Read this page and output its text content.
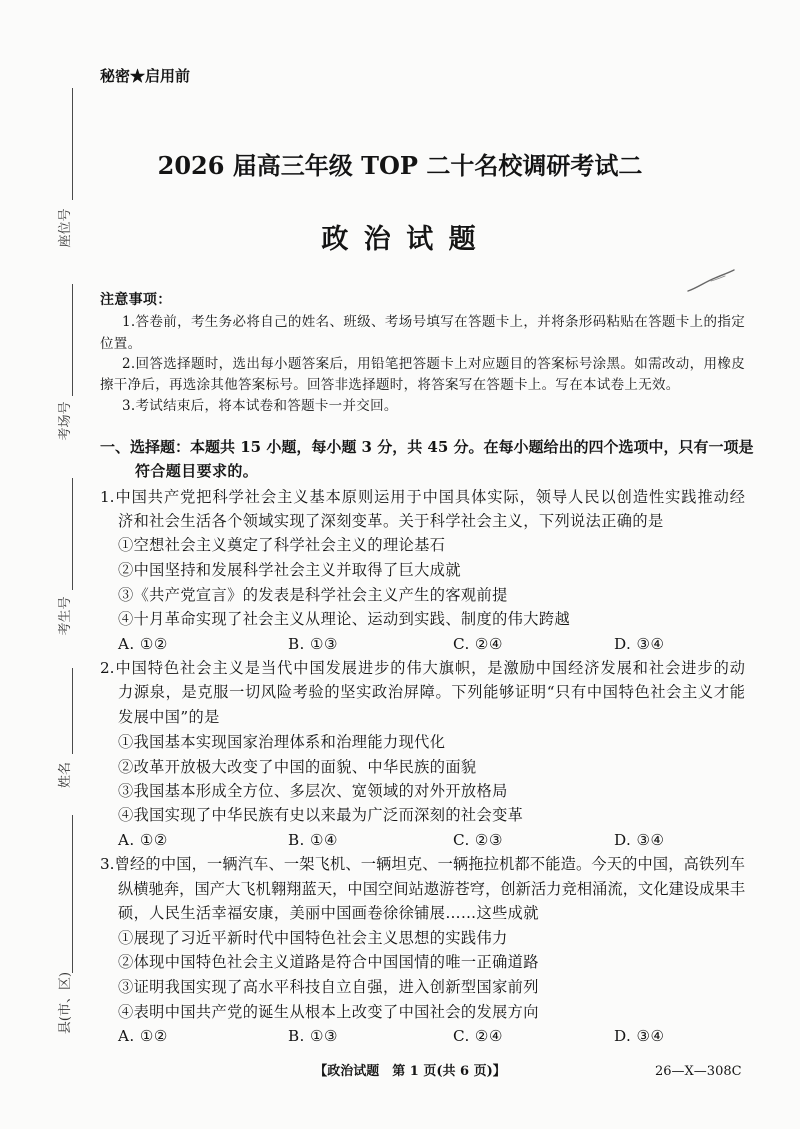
座位号
考场号
考生号
姓名
县(市、区)
秘密★启用前
2026 届高三年级 TOP 二十名校调研考试二
政 治 试 题
注意事项：
1.答卷前，考生务必将自己的姓名、班级、考场号填写在答题卡上，并将条形码粘贴在答题卡上的指定
位置。
2.回答选择题时，选出每小题答案后，用铅笔把答题卡上对应题目的答案标号涂黑。如需改动，用橡皮
擦干净后，再选涂其他答案标号。回答非选择题时，将答案写在答题卡上。写在本试卷上无效。
3.考试结束后，将本试卷和答题卡一并交回。
一、选择题：本题共 15 小题，每小题 3 分，共 45 分。在每小题给出的四个选项中，只有一项是
符合题目要求的。
1.中国共产党把科学社会主义基本原则运用于中国具体实际，领导人民以创造性实践推动经
济和社会生活各个领域实现了深刻变革。关于科学社会主义，下列说法正确的是
①空想社会主义奠定了科学社会主义的理论基石
②中国坚持和发展科学社会主义并取得了巨大成就
③《共产党宣言》的发表是科学社会主义产生的客观前提
④十月革命实现了社会主义从理论、运动到实践、制度的伟大跨越
A. ①②	B. ①③	C. ②④	D. ③④
2.中国特色社会主义是当代中国发展进步的伟大旗帜，是激励中国经济发展和社会进步的动
力源泉，是克服一切风险考验的坚实政治屏障。下列能够证明“只有中国特色社会主义才能
发展中国”的是
①我国基本实现国家治理体系和治理能力现代化
②改革开放极大改变了中国的面貌、中华民族的面貌
③我国基本形成全方位、多层次、宽领域的对外开放格局
④我国实现了中华民族有史以来最为广泛而深刻的社会变革
A. ①②	B. ①④	C. ②③	D. ③④
3.曾经的中国，一辆汽车、一架飞机、一辆坦克、一辆拖拉机都不能造。今天的中国，高铁列车
纵横驰奔，国产大飞机翱翔蓝天，中国空间站遨游苍穹，创新活力竞相涌流，文化建设成果丰
硕，人民生活幸福安康，美丽中国画卷徐徐铺展……这些成就
①展现了习近平新时代中国特色社会主义思想的实践伟力
②体现中国特色社会主义道路是符合中国国情的唯一正确道路
③证明我国实现了高水平科技自立自强，进入创新型国家前列
④表明中国共产党的诞生从根本上改变了中国社会的发展方向
A. ①②	B. ①③	C. ②④	D. ③④
【政治试题　第 1 页(共 6 页)】	26—X—308C
